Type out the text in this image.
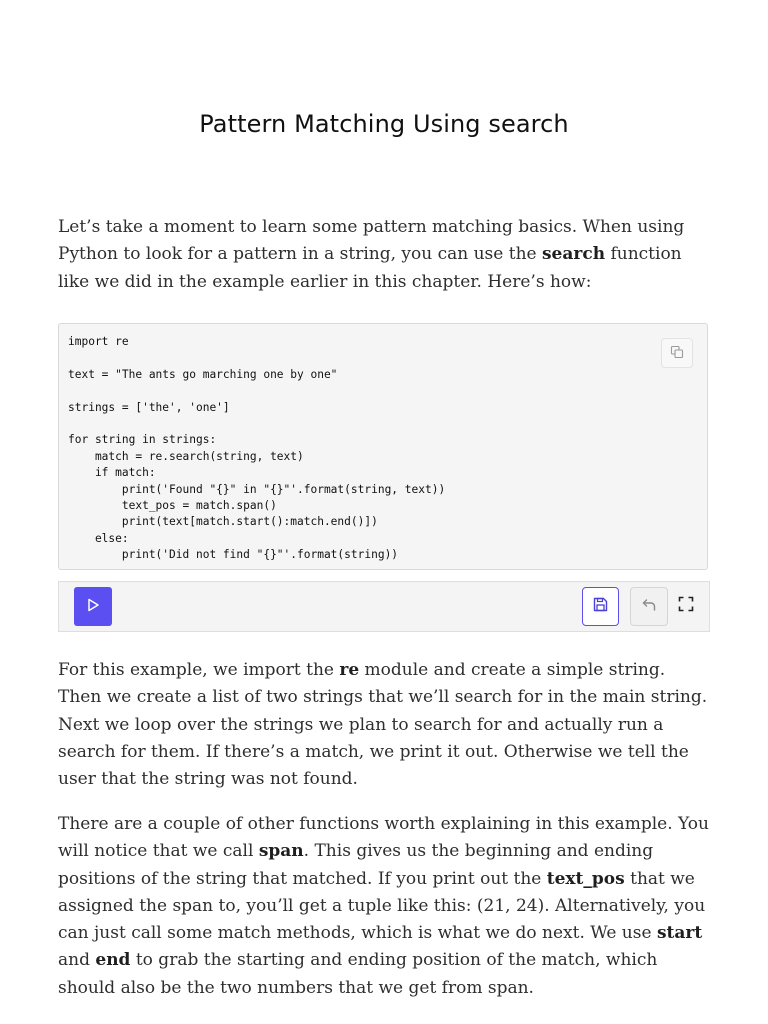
Pattern Matching Using search

Let’s take a moment to learn some pattern matching basics. When using Python to look for a pattern in a string, you can use the search function like we did in the example earlier in this chapter. Here’s how:

import re

text = "The ants go marching one by one"

strings = ['the', 'one']

for string in strings:
match = re.search(string, text)
if match:
print('Found "{}" in "{}"'.format(string, text))
text_pos = match.span()
print(text[match.start():match.end()])
else:
print('Did not find "{}"'.format(string))

For this example, we import the re module and create a simple string. Then we create a list of two strings that we’ll search for in the main string. Next we loop over the strings we plan to search for and actually run a search for them. If there’s a match, we print it out. Otherwise we tell the user that the string was not found.

There are a couple of other functions worth explaining in this example. You will notice that we call span. This gives us the beginning and ending positions of the string that matched. If you print out the text_pos that we assigned the span to, you’ll get a tuple like this: (21, 24). Alternatively, you can just call some match methods, which is what we do next. We use start and end to grab the starting and ending position of the match, which should also be the two numbers that we get from span.
